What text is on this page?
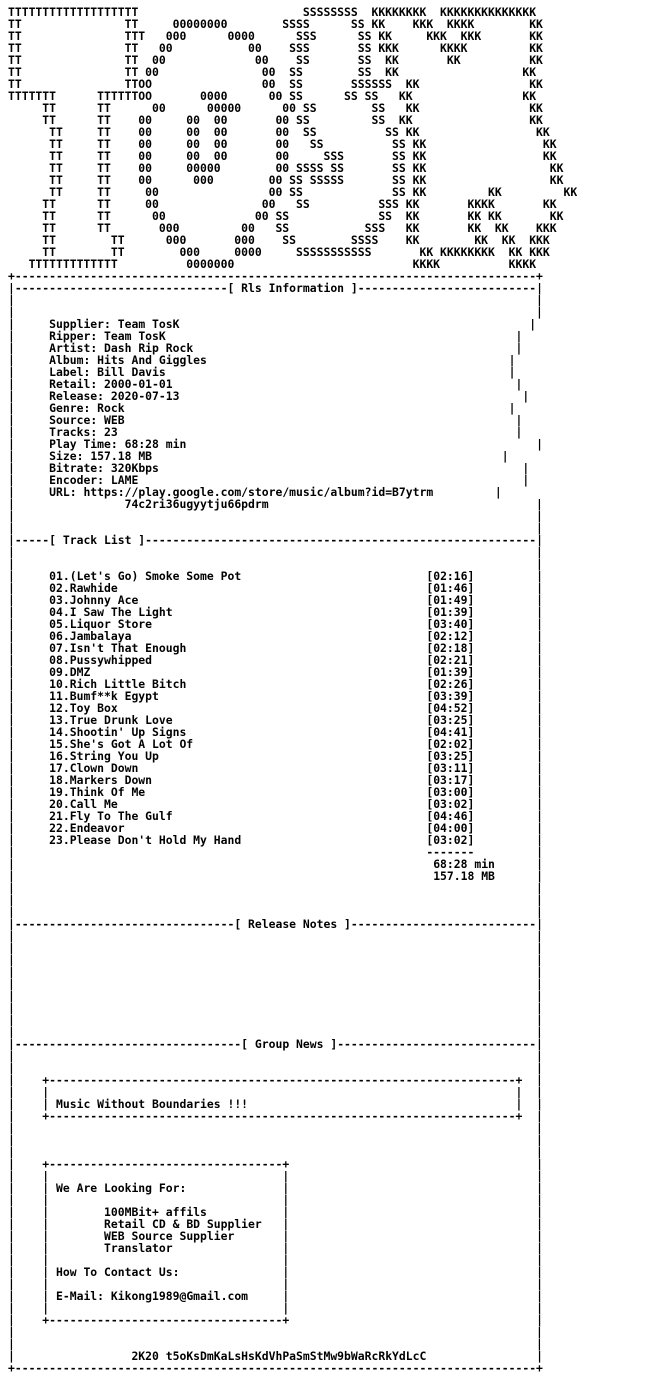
TTTTTTTTTTTTTTTTTTT                        SSSSSSSS  KKKKKKKK  KKKKKKKKKKKKKK
TT               TT     00000000        SSSS      SS KK    KKK  KKKK        KK
TT               TTT   000      0000      SSS      SS KK     KKK  KKK       KK
TT               TT   00           00    SSS       SS KKK      KKKK         KK
TT               TT  00             00    SS       SS  KK       KK          KK
TT               TT 00               00  SS        SS  KK                  KK
TT               TTOO                00  SS       SSSSSS  KK                KK
TTTTTTT      TTTTTTOO       0000      00 SS      SS SS   KK                KK
TT      TT      00      00000      00 SS        SS   KK                KK
TT      TT    00     00  00       00 SS         SS  KK                 KK
TT     TT    00     00  00       00  SS          SS KK                 KK
TT     TT    00     00  00       00   SS          SS KK                 KK
TT     TT    00     00  00       00     SSS       SS KK                 KK
TT     TT    00     00000        00 SSSS SS       SS KK                  KK
TT     TT    00      000        00 SS SSSSS       SS KK                  KK
TT     TT     00                00 SS             SS KK         KK         KK
TT      TT     00               00   SS          SSS KK       KKKK       KK
TT      TT      00             00 SS             SS  KK       KK KK       KK
TT      TT       000         00   SS           SSS   KK       KK  KK    KKK
TT        TT      000       000    SS        SSSS    KK        KK  KK  KKK
TT        TT        000     0000     SSSSSSSSSSS       KK KKKKKKKK  KK KKK
TTTTTTTTTTTTT          0000000                          KKKK          KKKK
+----------------------------------------------------------------------------+
|-------------------------------[ Rls Information ]--------------------------|
|                                                                            |
|                                                                            |
|     Supplier: Team TosK                                                   |
|     Ripper: Team TosK                                                   |
|     Artist: Dash Rip Rock                                               |
|     Album: Hits And Giggles                                            |
|     Label: Bill Davis                                                  |
|     Retail: 2000-01-01                                                  |
|     Release: 2020-07-13                                                  |
|     Genre: Rock                                                        |
|     Source: WEB                                                         |
|     Tracks: 23                                                          |
|     Play Time: 68:28 min                                                   |
|     Size: 157.18 MB                                                   |
|     Bitrate: 320Kbps                                                     |
|     Encoder: LAME                                                        |
|     URL: https://play.google.com/store/music/album?id=B7ytrm         |
|                74c2ri36ugyytju66pdrm                                       |
|                                                                            |
|                                                                            |
|-----[ Track List ]---------------------------------------------------------|
|                                                                            |
|                                                                            |
|     01.(Let's Go) Smoke Some Pot	[02:16]         |
|     02.Rawhide	[01:46]         |
|     03.Johnny Ace	[01:49]         |
|     04.I Saw The Light	[01:39]         |
|     05.Liquor Store	[03:40]         |
|     06.Jambalaya	[02:12]         |
|     07.Isn't That Enough	[02:18]         |
|     08.Pussywhipped	[02:21]         |
|     09.DMZ	[01:39]         |
|     10.Rich Little Bitch	[02:26]         |
|     11.Bumf**k Egypt	[03:39]         |
|     12.Toy Box	[04:52]         |
|     13.True Drunk Love	[03:25]         |
|     14.Shootin' Up Signs	[04:41]         |
|     15.She's Got A Lot Of	[02:02]         |
|     16.String You Up	[03:25]         |
|     17.Clown Down	[03:11]         |
|     18.Markers Down	[03:17]         |
|     19.Think Of Me	[03:00]         |
|     20.Call Me	[03:02]         |
|     21.Fly To The Gulf	[04:46]         |
|     22.Endeavor	[04:00]         |
|     23.Please Don't Hold My Hand	[03:02]         |
|                                                            -------         |
|                                                             68:28 min      |
|                                                             157.18 MB      |
|                                                                            |
|                                                                            |
|                                                                            |
|--------------------------------[ Release Notes ]---------------------------|
|                                                                            |
|                                                                            |
|                                                                            |
|                                                                            |
|                                                                            |
|                                                                            |
|                                                                            |
|                                                                            |
|                                                                            |
|---------------------------------[ Group News ]-----------------------------|
|                                                                            |
|                                                                            |
|    +--------------------------------------------------------------------+  |
|    |                                                                    |  |
|    | Music Without Boundaries !!!                                       |  |
|    +--------------------------------------------------------------------+  |
|                                                                            |
|                                                                            |
|                                                                            |
|    +----------------------------------+                                    |
|    |                                  |                                    |
|    | We Are Looking For:              |                                    |
|    |                                  |                                    |
|    |        100MBit+ affils           |                                    |
|    |        Retail CD & BD Supplier   |                                    |
|    |        WEB Source Supplier       |                                    |
|    |        Translator                |                                    |
|    |                                  |                                    |
|    | How To Contact Us:               |                                    |
|    |                                  |                                    |
|    | E-Mail: Kikong1989@Gmail.com     |                                    |
|    |                                  |                                    |
|    +----------------------------------+                                    |
|                                                                            |
|                                                                            |
|                 2K20 t5oKsDmKaLsHsKdVhPaSmStMw9bWaRcRkYdLcC                |
+----------------------------------------------------------------------------+
